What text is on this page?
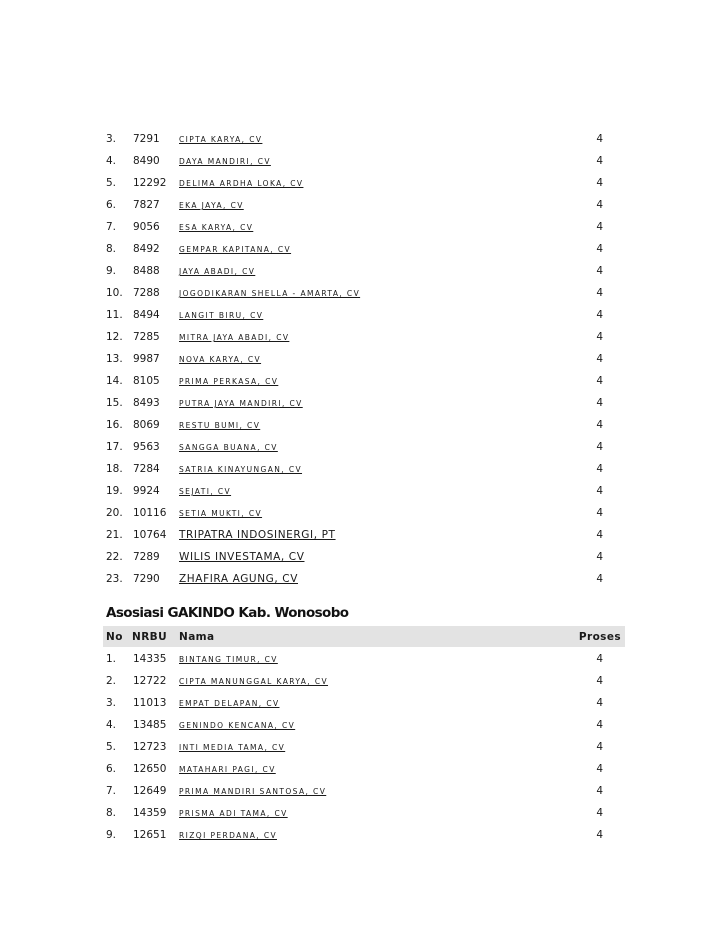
3. 7291	CIPTA KARYA, CV	4
4. 8490	DAYA MANDIRI, CV	4
5. 12292 DELIMA ARDHA LOKA, CV	4
6. 7827	EKA JAYA, CV	4
7. 9056	ESA KARYA, CV	4
8. 8492	GEMPAR KAPITANA, CV	4
9. 8488	JAYA ABADI, CV	4
10. 7288	JOGODIKARAN SHELLA - AMARTA, CV	4
11. 8494	LANGIT BIRU, CV	4
12. 7285	MITRA JAYA ABADI, CV	4
13. 9987	NOVA KARYA, CV	4
14. 8105	PRIMA PERKASA, CV	4
15. 8493	PUTRA JAYA MANDIRI, CV	4
16. 8069	RESTU BUMI, CV	4
17. 9563	SANGGA BUANA, CV	4
18. 7284	SATRIA KINAYUNGAN, CV	4
19. 9924	SEJATI, CV	4
20. 10116 SETIA MUKTI, CV	4
21. 10764 TRIPATRA INDOSINERGI, PT	4
22. 7289 WILIS INVESTAMA, CV	4
23. 7290 ZHAFIRA AGUNG, CV	4
Asosiasi GAKINDO Kab. Wonosobo
No NRBU Nama	Proses
1. 14335 BINTANG TIMUR, CV	4
2. 12722 CIPTA MANUNGGAL KARYA, CV	4
3. 11013 EMPAT DELAPAN, CV	4
4. 13485 GENINDO KENCANA, CV	4
5. 12723 INTI MEDIA TAMA, CV	4
6. 12650 MATAHARI PAGI, CV	4
7. 12649 PRIMA MANDIRI SANTOSA, CV	4
8. 14359 PRISMA ADI TAMA, CV	4
9. 12651 RIZQI PERDANA, CV	4
